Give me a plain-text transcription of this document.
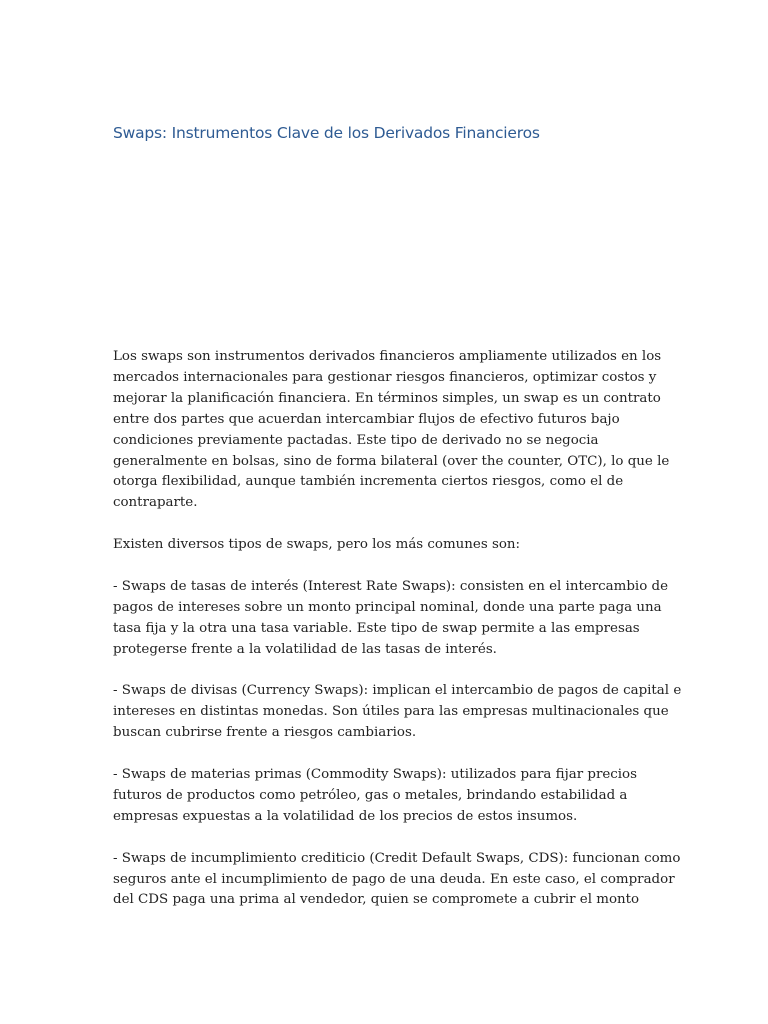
Swaps: Instrumentos Clave de los Derivados Financieros

Los swaps son instrumentos derivados financieros ampliamente utilizados en los
mercados internacionales para gestionar riesgos financieros, optimizar costos y
mejorar la planificación financiera. En términos simples, un swap es un contrato
entre dos partes que acuerdan intercambiar flujos de efectivo futuros bajo
condiciones previamente pactadas. Este tipo de derivado no se negocia
generalmente en bolsas, sino de forma bilateral (over the counter, OTC), lo que le
otorga flexibilidad, aunque también incrementa ciertos riesgos, como el de
contraparte.

Existen diversos tipos de swaps, pero los más comunes son:

- Swaps de tasas de interés (Interest Rate Swaps): consisten en el intercambio de
pagos de intereses sobre un monto principal nominal, donde una parte paga una
tasa fija y la otra una tasa variable. Este tipo de swap permite a las empresas
protegerse frente a la volatilidad de las tasas de interés.

- Swaps de divisas (Currency Swaps): implican el intercambio de pagos de capital e
intereses en distintas monedas. Son útiles para las empresas multinacionales que
buscan cubrirse frente a riesgos cambiarios.

- Swaps de materias primas (Commodity Swaps): utilizados para fijar precios
futuros de productos como petróleo, gas o metales, brindando estabilidad a
empresas expuestas a la volatilidad de los precios de estos insumos.

- Swaps de incumplimiento crediticio (Credit Default Swaps, CDS): funcionan como
seguros ante el incumplimiento de pago de una deuda. En este caso, el comprador
del CDS paga una prima al vendedor, quien se compromete a cubrir el monto
